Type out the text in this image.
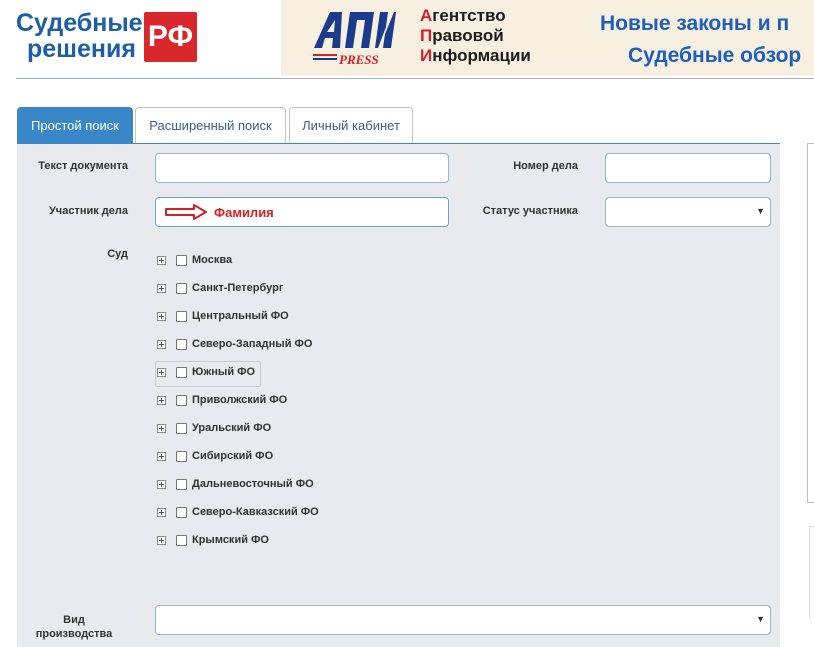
Судебные
решения РФ
PRESS
Агентство
Правовой
Информации
Новые законы и п
Судебные обзор
Простой поиск	Расширенный поиск	Личный кабинет
Текст документа	Номер дела
Участник дела	Фамилия	Статус участника	▼
Суд	Москва
Санкт-Петербург
Центральный ФО
Северо-Западный ФО
Южный ФО
Приволжский ФО
Уральский ФО
Сибирский ФО
Дальневосточный ФО
Северо-Кавказский ФО
Крымский ФО
Вид
производства
▼
